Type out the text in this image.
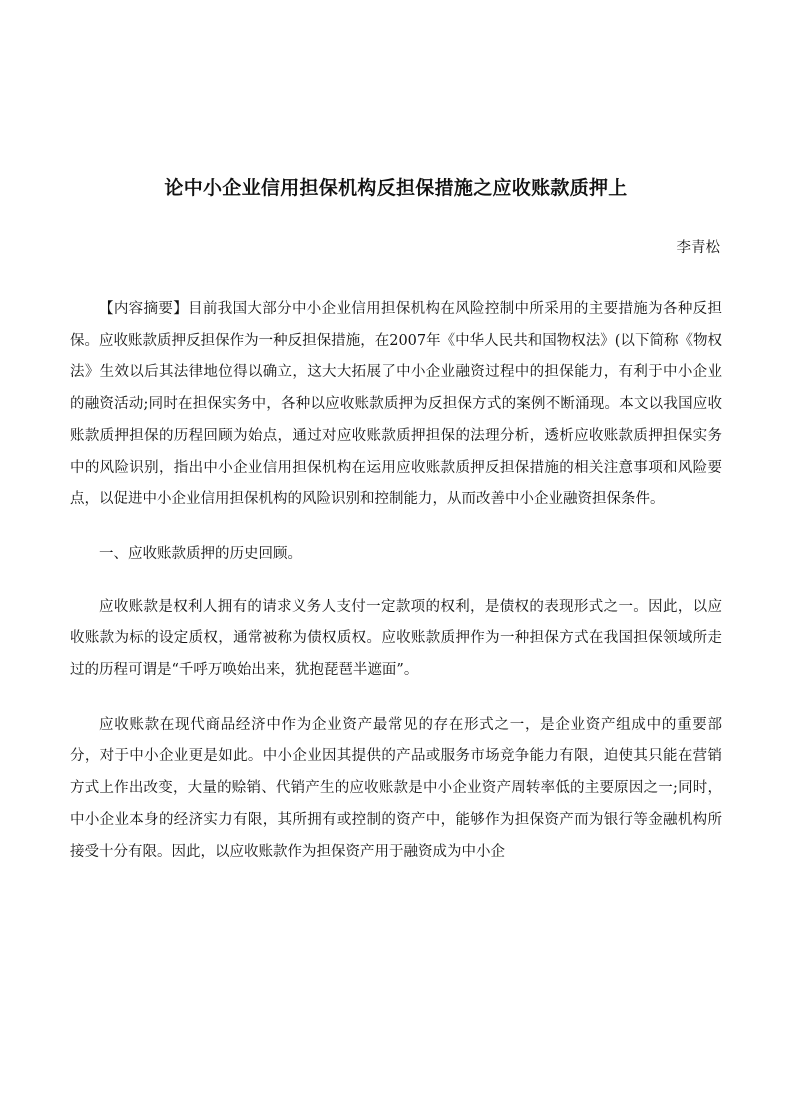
论中小企业信用担保机构反担保措施之应收账款质押上
李青松

【内容摘要】目前我国大部分中小企业信用担保机构在风险控制中所采用的主要措施为各种反担保。应收账款质押反担保作为一种反担保措施，在2007年《中华人民共和国物权法》(以下简称《物权法》生效以后其法律地位得以确立，这大大拓展了中小企业融资过程中的担保能力，有利于中小企业的融资活动;同时在担保实务中，各种以应收账款质押为反担保方式的案例不断涌现。本文以我国应收账款质押担保的历程回顾为始点，通过对应收账款质押担保的法理分析，透析应收账款质押担保实务中的风险识别，指出中小企业信用担保机构在运用应收账款质押反担保措施的相关注意事项和风险要点，以促进中小企业信用担保机构的风险识别和控制能力，从而改善中小企业融资担保条件。

一、应收账款质押的历史回顾。

应收账款是权利人拥有的请求义务人支付一定款项的权利，是债权的表现形式之一。因此，以应收账款为标的设定质权，通常被称为债权质权。应收账款质押作为一种担保方式在我国担保领域所走过的历程可谓是“千呼万唤始出来，犹抱琵琶半遮面”。

应收账款在现代商品经济中作为企业资产最常见的存在形式之一，是企业资产组成中的重要部分，对于中小企业更是如此。中小企业因其提供的产品或服务市场竞争能力有限，迫使其只能在营销方式上作出改变，大量的赊销、代销产生的应收账款是中小企业资产周转率低的主要原因之一;同时，中小企业本身的经济实力有限，其所拥有或控制的资产中，能够作为担保资产而为银行等金融机构所接受十分有限。因此，以应收账款作为担保资产用于融资成为中小企
